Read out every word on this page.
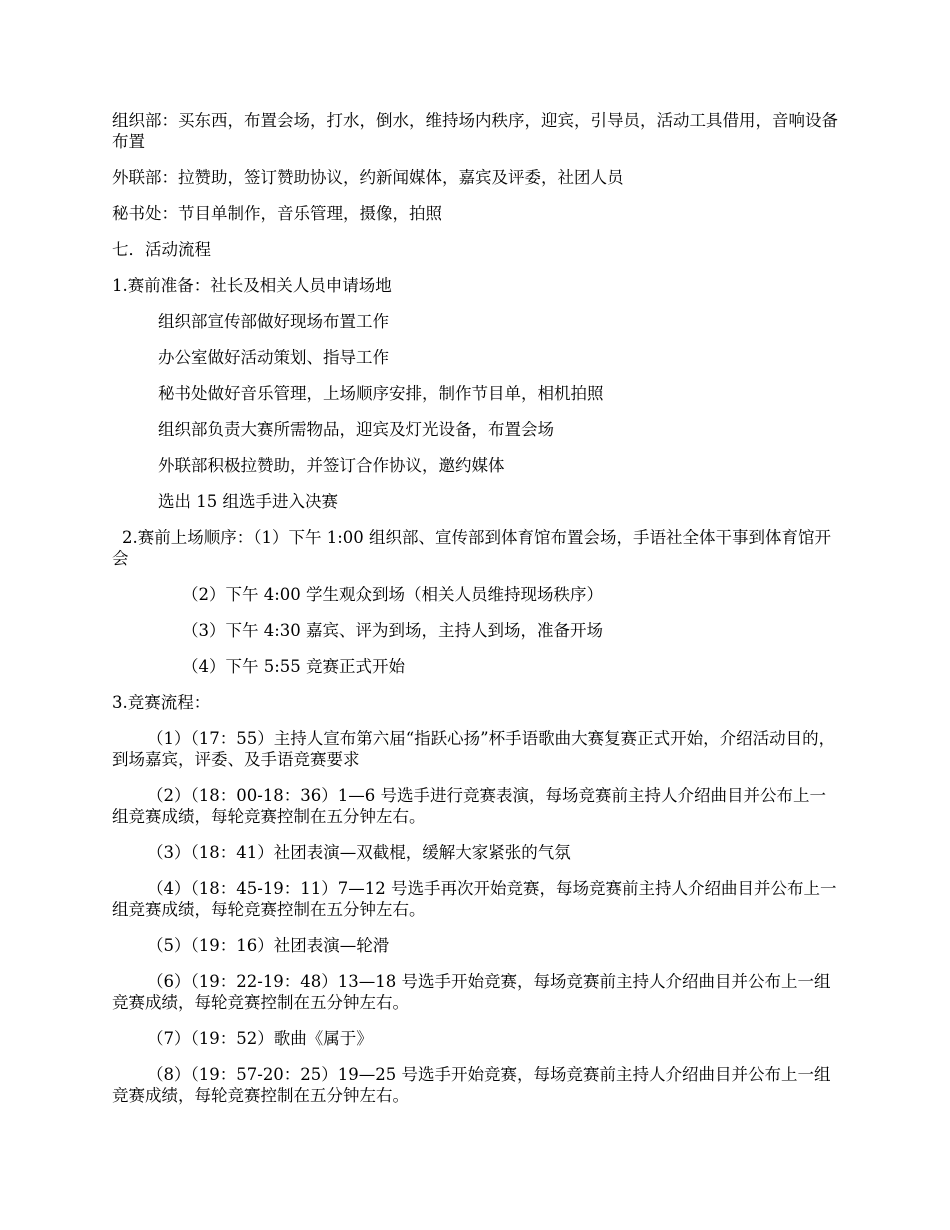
组织部：买东西，布置会场，打水，倒水，维持场内秩序，迎宾，引导员，活动工具借用，音响设备布置

外联部：拉赞助，签订赞助协议，约新闻媒体，嘉宾及评委，社团人员

秘书处：节目单制作，音乐管理，摄像，拍照

七．活动流程

1.赛前准备：社长及相关人员申请场地

组织部宣传部做好现场布置工作

办公室做好活动策划、指导工作

秘书处做好音乐管理，上场顺序安排，制作节目单，相机拍照

组织部负责大赛所需物品，迎宾及灯光设备，布置会场

外联部积极拉赞助，并签订合作协议，邀约媒体

选出 15 组选手进入决赛

2.赛前上场顺序：（1）下午 1:00 组织部、宣传部到体育馆布置会场，手语社全体干事到体育馆开会

（2）下午 4:00 学生观众到场（相关人员维持现场秩序）

（3）下午 4:30 嘉宾、评为到场，主持人到场，准备开场

（4）下午 5:55 竞赛正式开始

3.竞赛流程：

（1）（17：55）主持人宣布第六届“指跃心扬”杯手语歌曲大赛复赛正式开始，介绍活动目的，到场嘉宾，评委、及手语竞赛要求

（2）（18：00-18：36）1—6 号选手进行竞赛表演，每场竞赛前主持人介绍曲目并公布上一组竞赛成绩，每轮竞赛控制在五分钟左右。

（3）（18：41）社团表演—双截棍，缓解大家紧张的气氛

（4）（18：45-19：11）7—12 号选手再次开始竞赛，每场竞赛前主持人介绍曲目并公布上一组竞赛成绩，每轮竞赛控制在五分钟左右。

（5）（19：16）社团表演—轮滑

（6）（19：22-19：48）13—18 号选手开始竞赛，每场竞赛前主持人介绍曲目并公布上一组竞赛成绩，每轮竞赛控制在五分钟左右。

（7）（19：52）歌曲《属于》

（8）（19：57-20：25）19—25 号选手开始竞赛，每场竞赛前主持人介绍曲目并公布上一组竞赛成绩，每轮竞赛控制在五分钟左右。
